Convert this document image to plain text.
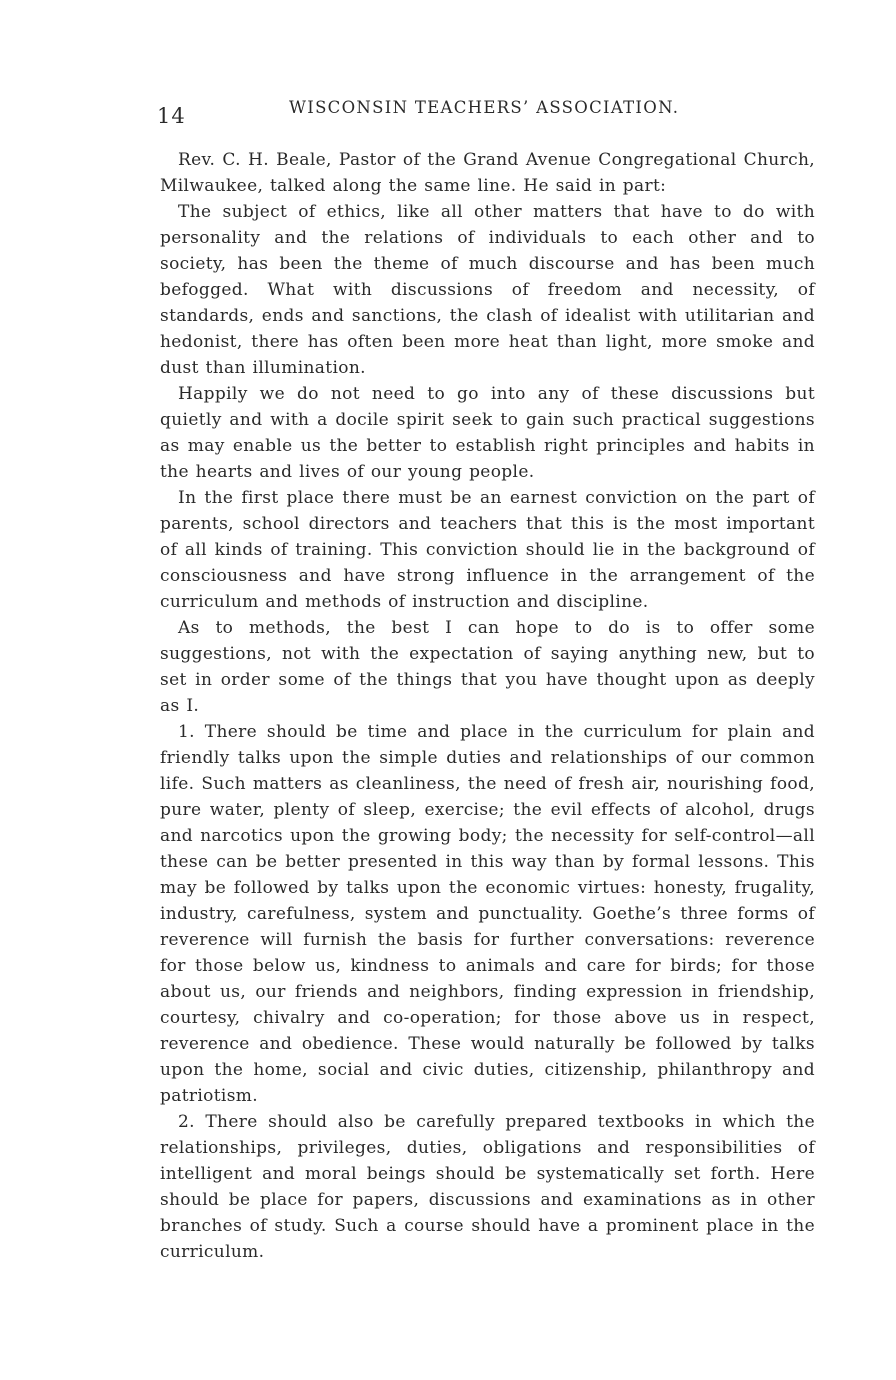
14	WISCONSIN TEACHERS’ ASSOCIATION.

Rev. C. H. Beale, Pastor of the Grand Avenue Congregational Church, Milwaukee, talked along the same line. He said in part:

The subject of ethics, like all other matters that have to do with personality and the relations of individuals to each other and to society, has been the theme of much discourse and has been much befogged. What with discussions of freedom and necessity, of standards, ends and sanctions, the clash of idealist with utilitarian and hedonist, there has often been more heat than light, more smoke and dust than illumination.

Happily we do not need to go into any of these discussions but quietly and with a docile spirit seek to gain such practical suggestions as may enable us the better to establish right principles and habits in the hearts and lives of our young people.

In the first place there must be an earnest conviction on the part of parents, school directors and teachers that this is the most important of all kinds of training. This conviction should lie in the background of consciousness and have strong influence in the arrangement of the curriculum and methods of instruction and discipline.

As to methods, the best I can hope to do is to offer some suggestions, not with the expectation of saying anything new, but to set in order some of the things that you have thought upon as deeply as I.

1. There should be time and place in the curriculum for plain and friendly talks upon the simple duties and relationships of our common life. Such matters as cleanliness, the need of fresh air, nourishing food, pure water, plenty of sleep, exercise; the evil effects of alcohol, drugs and narcotics upon the growing body; the necessity for self-control—all these can be better presented in this way than by formal lessons. This may be followed by talks upon the economic virtues: honesty, frugality, industry, carefulness, system and punctuality. Goethe’s three forms of reverence will furnish the basis for further conversations: reverence for those below us, kindness to animals and care for birds; for those about us, our friends and neighbors, finding expression in friendship, courtesy, chivalry and co-operation; for those above us in respect, reverence and obedience. These would naturally be followed by talks upon the home, social and civic duties, citizenship, philanthropy and patriotism.

2. There should also be carefully prepared textbooks in which the relationships, privileges, duties, obligations and responsibilities of intelligent and moral beings should be systematically set forth. Here should be place for papers, discussions and examinations as in other branches of study. Such a course should have a prominent place in the curriculum.
